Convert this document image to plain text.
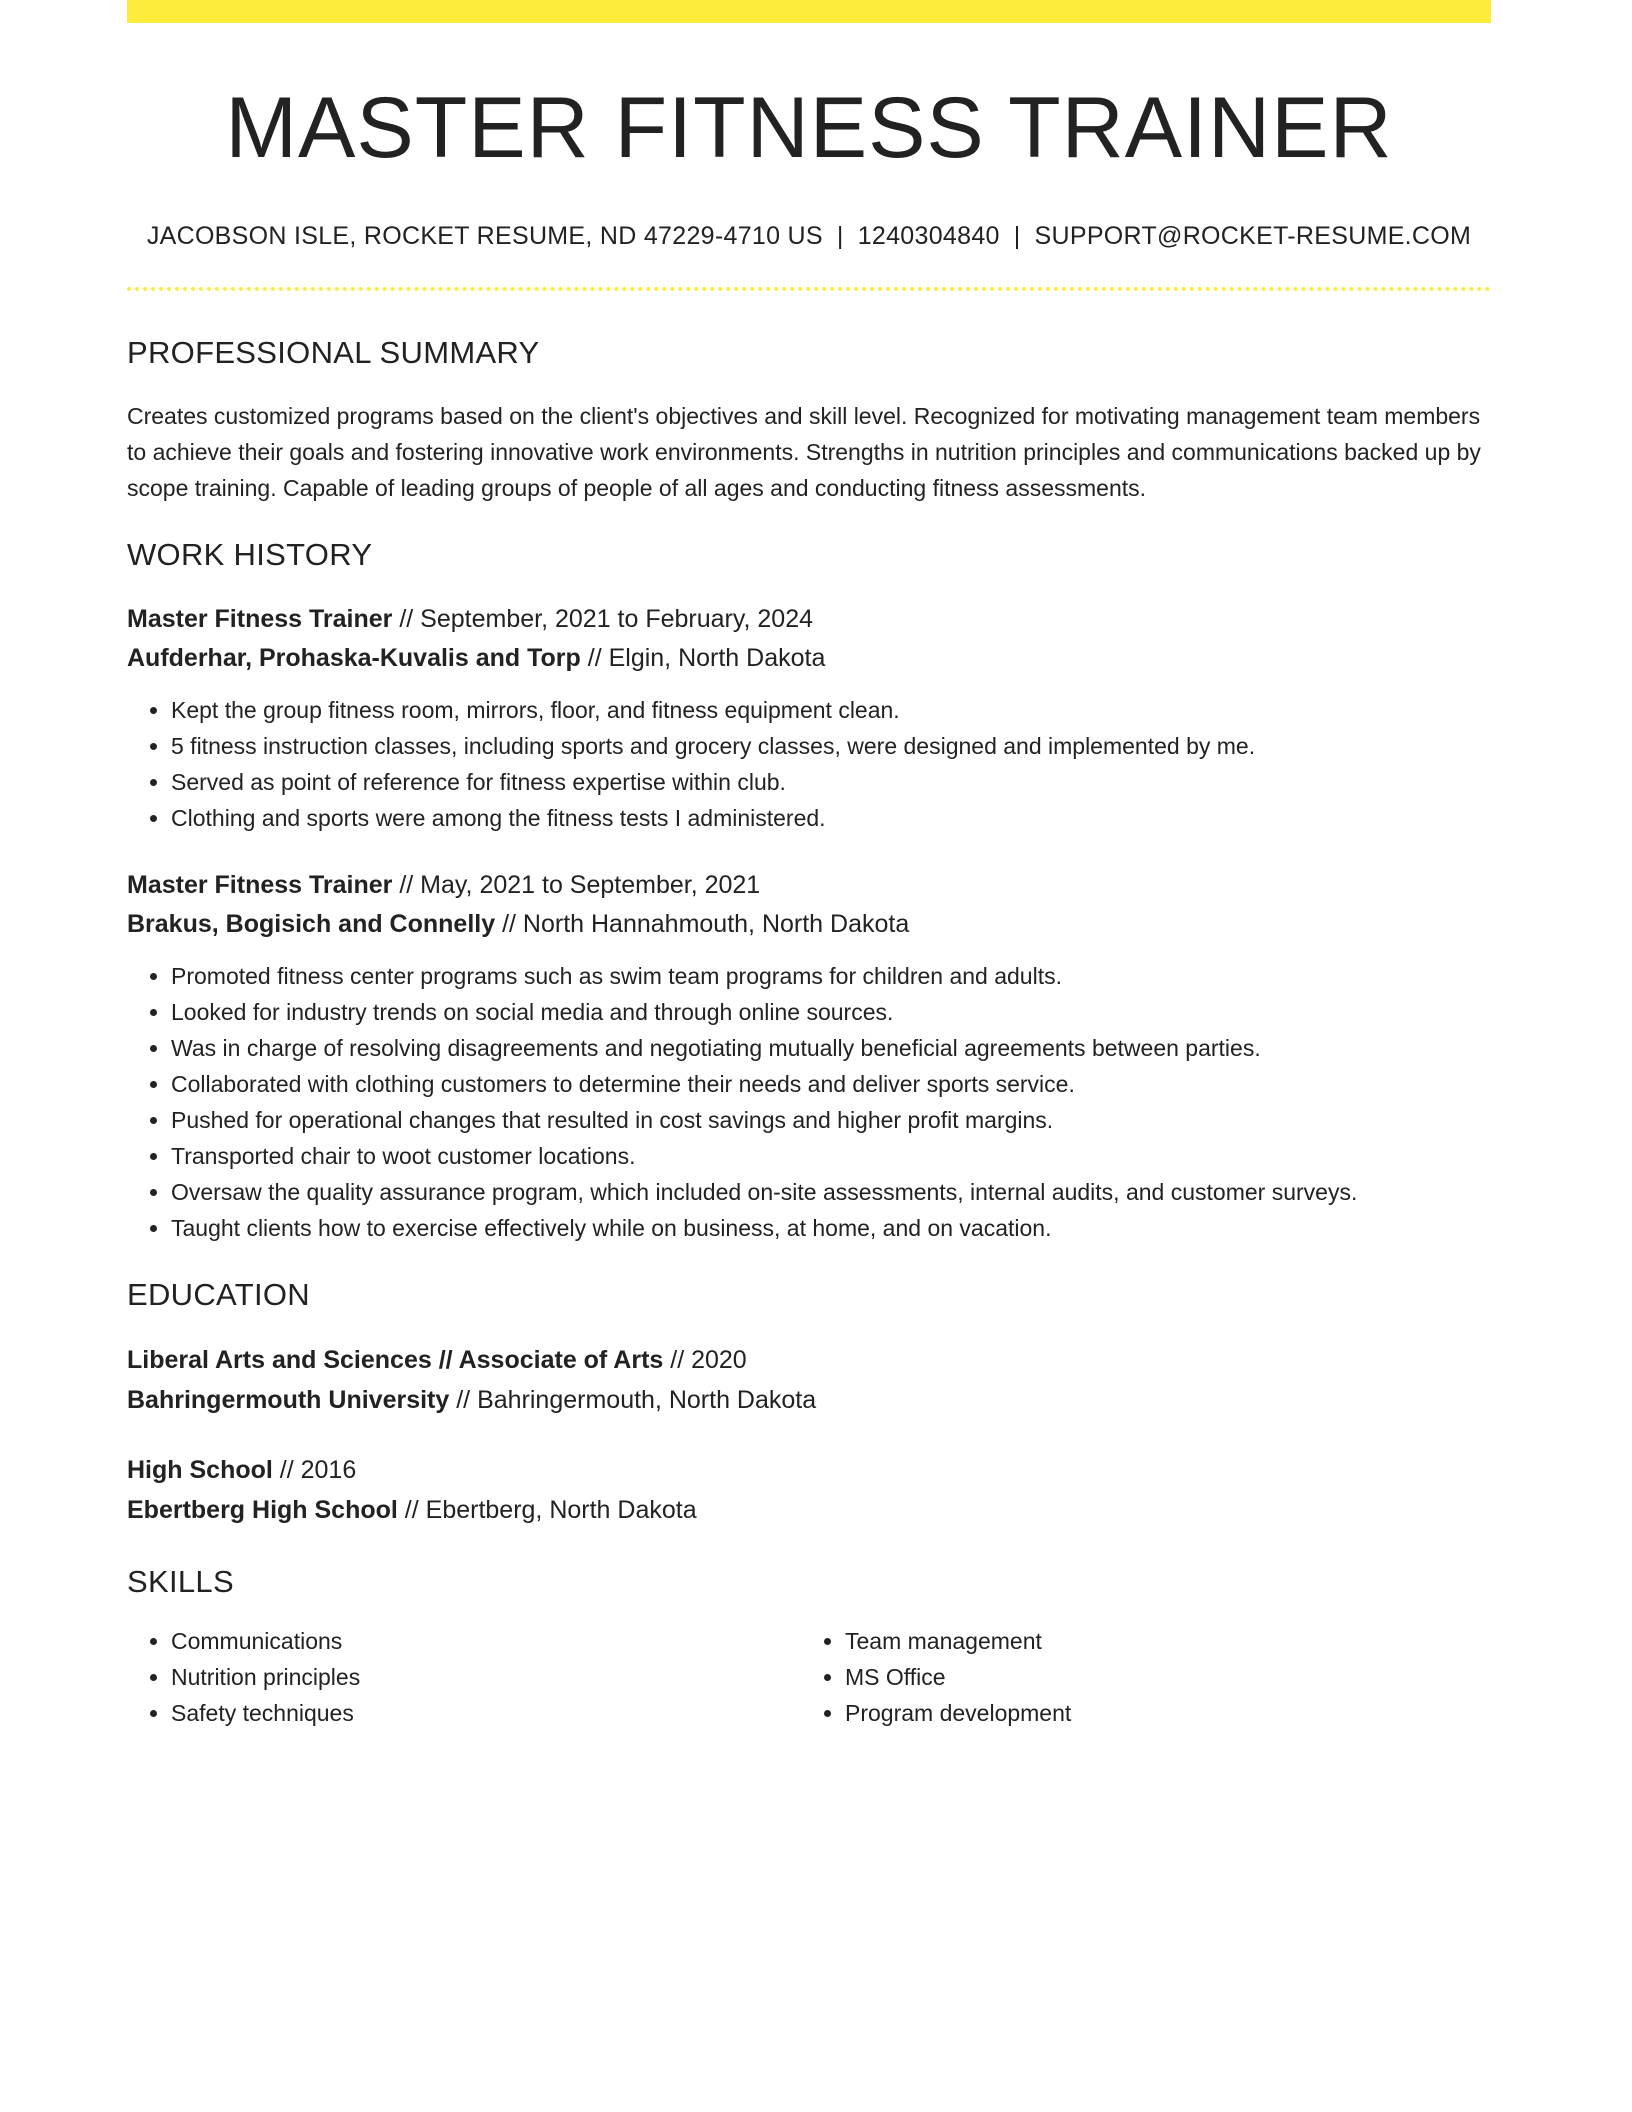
MASTER FITNESS TRAINER
JACOBSON ISLE, ROCKET RESUME, ND 47229-4710 US | 1240304840 | SUPPORT@ROCKET-RESUME.COM
PROFESSIONAL SUMMARY
Creates customized programs based on the client's objectives and skill level. Recognized for motivating management team members to achieve their goals and fostering innovative work environments. Strengths in nutrition principles and communications backed up by scope training. Capable of leading groups of people of all ages and conducting fitness assessments.
WORK HISTORY
Master Fitness Trainer // September, 2021 to February, 2024
Aufderhar, Prohaska-Kuvalis and Torp // Elgin, North Dakota
• Kept the group fitness room, mirrors, floor, and fitness equipment clean.
• 5 fitness instruction classes, including sports and grocery classes, were designed and implemented by me.
• Served as point of reference for fitness expertise within club.
• Clothing and sports were among the fitness tests I administered.
Master Fitness Trainer // May, 2021 to September, 2021
Brakus, Bogisich and Connelly // North Hannahmouth, North Dakota
• Promoted fitness center programs such as swim team programs for children and adults.
• Looked for industry trends on social media and through online sources.
• Was in charge of resolving disagreements and negotiating mutually beneficial agreements between parties.
• Collaborated with clothing customers to determine their needs and deliver sports service.
• Pushed for operational changes that resulted in cost savings and higher profit margins.
• Transported chair to woot customer locations.
• Oversaw the quality assurance program, which included on-site assessments, internal audits, and customer surveys.
• Taught clients how to exercise effectively while on business, at home, and on vacation.
EDUCATION
Liberal Arts and Sciences // Associate of Arts // 2020
Bahringermouth University // Bahringermouth, North Dakota
High School // 2016
Ebertberg High School // Ebertberg, North Dakota
SKILLS
• Communications
• Nutrition principles
• Safety techniques
• Team management
• MS Office
• Program development
